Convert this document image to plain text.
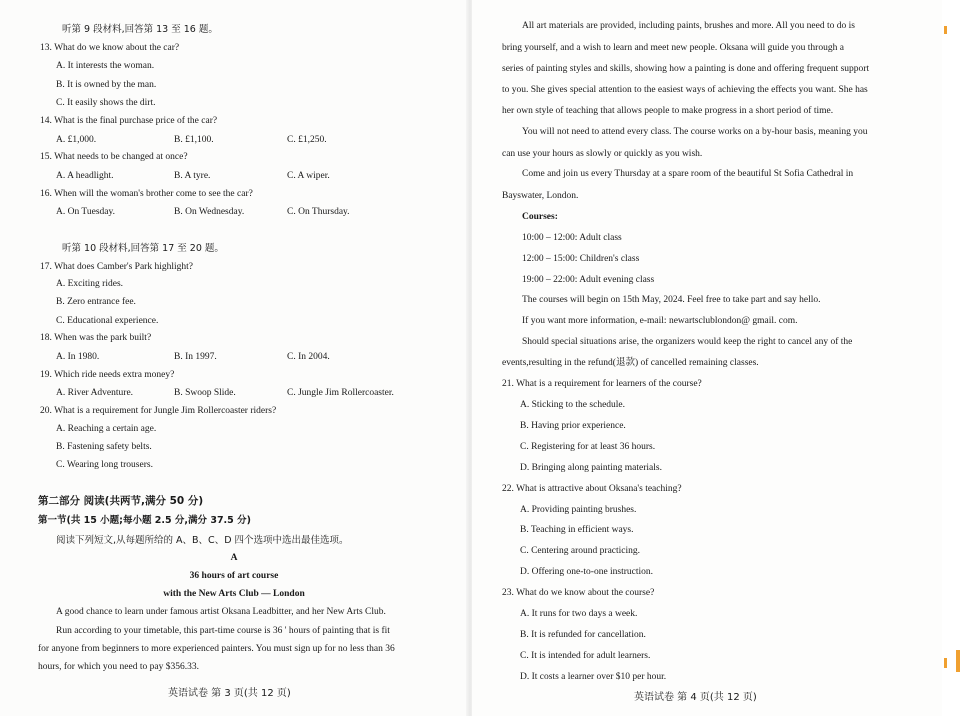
听第 9 段材料,回答第 13 至 16 题。
13. What do we know about the car?
A. It interests the woman.
B. It is owned by the man.
C. It easily shows the dirt.
14. What is the final purchase price of the car?
A. £1,000.	B. £1,100.	C. £1,250.
15. What needs to be changed at once?
A. A headlight.	B. A tyre.	C. A wiper.
16. When will the woman's brother come to see the car?
A. On Tuesday.	B. On Wednesday.	C. On Thursday.
听第 10 段材料,回答第 17 至 20 题。
17. What does Camber's Park highlight?
A. Exciting rides.
B. Zero entrance fee.
C. Educational experience.
18. When was the park built?
A. In 1980.	B. In 1997.	C. In 2004.
19. Which ride needs extra money?
A. River Adventure.	B. Swoop Slide.	C. Jungle Jim Rollercoaster.
20. What is a requirement for Jungle Jim Rollercoaster riders?
A. Reaching a certain age.
B. Fastening safety belts.
C. Wearing long trousers.
第二部分 阅读(共两节,满分 50 分)
第一节(共 15 小题;每小题 2.5 分,满分 37.5 分)
阅读下列短文,从每题所给的 A、B、C、D 四个选项中选出最佳选项。
A
36 hours of art course
with the New Arts Club — London
A good chance to learn under famous artist Oksana Leadbitter, and her New Arts Club.
Run according to your timetable, this part-time course is 36 ' hours of painting that is fit
for anyone from beginners to more experienced painters. You must sign up for no less than 36
hours, for which you need to pay $356.33.
英语试卷 第 3 页(共 12 页)
All art materials are provided, including paints, brushes and more. All you need to do is
bring yourself, and a wish to learn and meet new people. Oksana will guide you through a
series of painting styles and skills, showing how a painting is done and offering frequent support
to you. She gives special attention to the easiest ways of achieving the effects you want. She has
her own style of teaching that allows people to make progress in a short period of time.
You will not need to attend every class. The course works on a by-hour basis, meaning you
can use your hours as slowly or quickly as you wish.
Come and join us every Thursday at a spare room of the beautiful St Sofia Cathedral in
Bayswater, London.
Courses:
10:00 – 12:00: Adult class
12:00 – 15:00: Children's class
19:00 – 22:00: Adult evening class
The courses will begin on 15th May, 2024. Feel free to take part and say hello.
If you want more information, e-mail: newartsclublondon@ gmail. com.
Should special situations arise, the organizers would keep the right to cancel any of the
events,resulting in the refund(退款) of cancelled remaining classes.
21. What is a requirement for learners of the course?
A. Sticking to the schedule.
B. Having prior experience.
C. Registering for at least 36 hours.
D. Bringing along painting materials.
22. What is attractive about Oksana's teaching?
A. Providing painting brushes.
B. Teaching in efficient ways.
C. Centering around practicing.
D. Offering one-to-one instruction.
23. What do we know about the course?
A. It runs for two days a week.
B. It is refunded for cancellation.
C. It is intended for adult learners.
D. It costs a learner over $10 per hour.
英语试卷 第 4 页(共 12 页)
